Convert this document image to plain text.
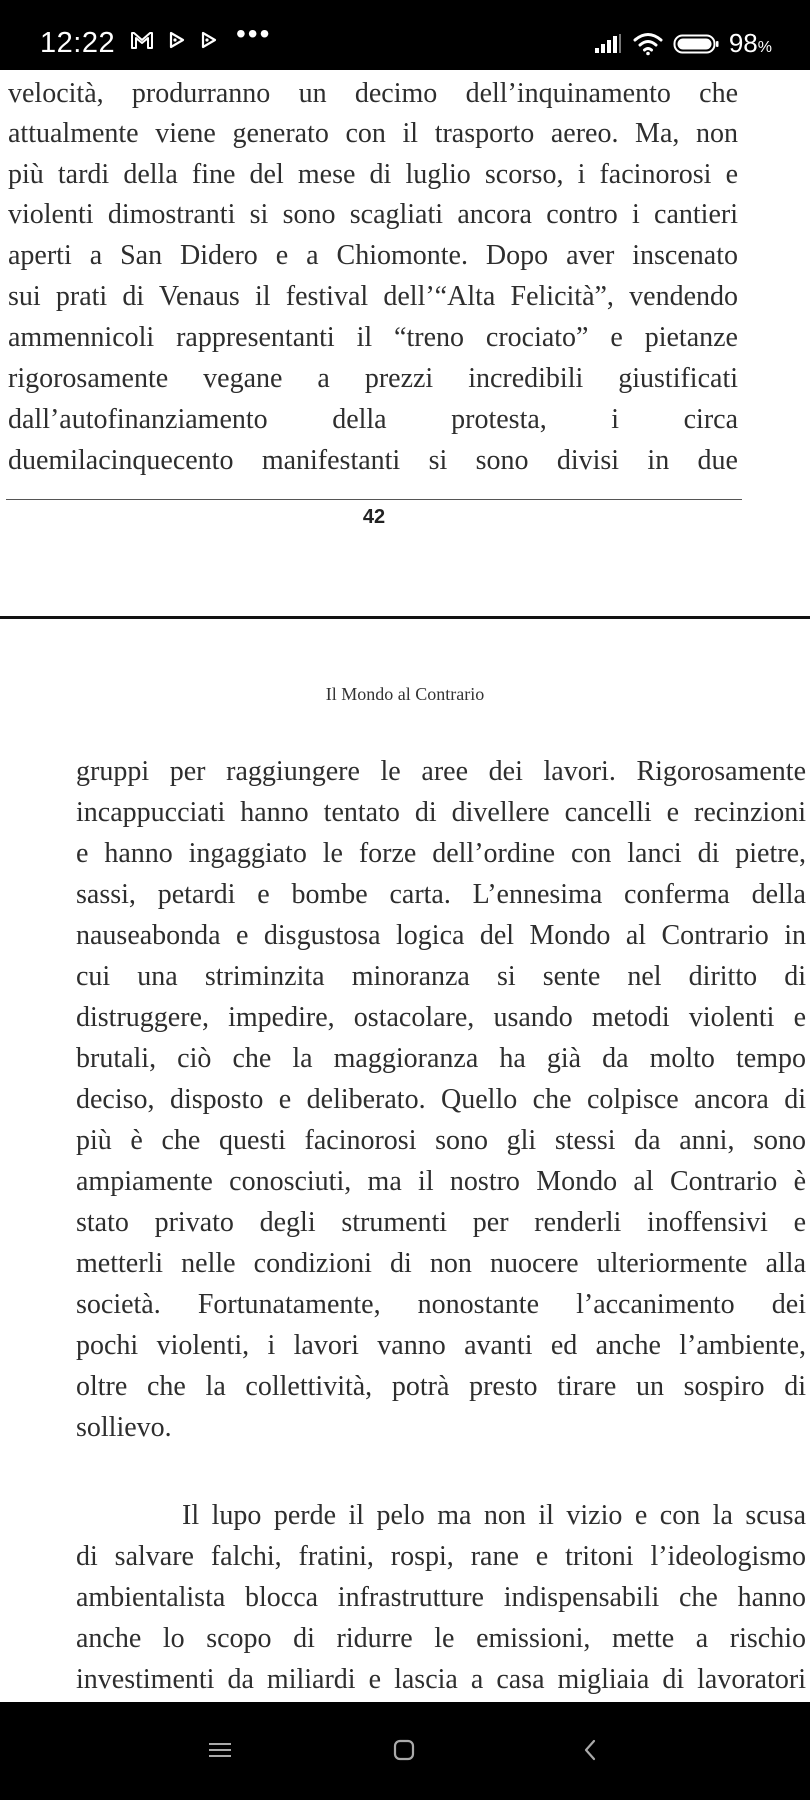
12:22	•••	98%
velocità, produrranno un decimo dell’inquinamento che
attualmente viene generato con il trasporto aereo. Ma, non
più tardi della fine del mese di luglio scorso, i facinorosi e
violenti dimostranti si sono scagliati ancora contro i cantieri
aperti a San Didero e a Chiomonte. Dopo aver inscenato
sui prati di Venaus il festival dell’“Alta Felicità”, vendendo
ammennicoli rappresentanti il “treno crociato” e pietanze
rigorosamente vegane a prezzi incredibili giustificati
dall’autofinanziamento della protesta, i circa
duemilacinquecento manifestanti si sono divisi in due
42
Il Mondo al Contrario
gruppi per raggiungere le aree dei lavori. Rigorosamente
incappucciati hanno tentato di divellere cancelli e recinzioni
e hanno ingaggiato le forze dell’ordine con lanci di pietre,
sassi, petardi e bombe carta. L’ennesima conferma della
nauseabonda e disgustosa logica del Mondo al Contrario in
cui una striminzita minoranza si sente nel diritto di
distruggere, impedire, ostacolare, usando metodi violenti e
brutali, ciò che la maggioranza ha già da molto tempo
deciso, disposto e deliberato. Quello che colpisce ancora di
più è che questi facinorosi sono gli stessi da anni, sono
ampiamente conosciuti, ma il nostro Mondo al Contrario è
stato privato degli strumenti per renderli inoffensivi e
metterli nelle condizioni di non nuocere ulteriormente alla
società. Fortunatamente, nonostante l’accanimento dei
pochi violenti, i lavori vanno avanti ed anche l’ambiente,
oltre che la collettività, potrà presto tirare un sospiro di
sollievo.
Il lupo perde il pelo ma non il vizio e con la scusa
di salvare falchi, fratini, rospi, rane e tritoni l’ideologismo
ambientalista blocca infrastrutture indispensabili che hanno
anche lo scopo di ridurre le emissioni, mette a rischio
investimenti da miliardi e lascia a casa migliaia di lavoratori
